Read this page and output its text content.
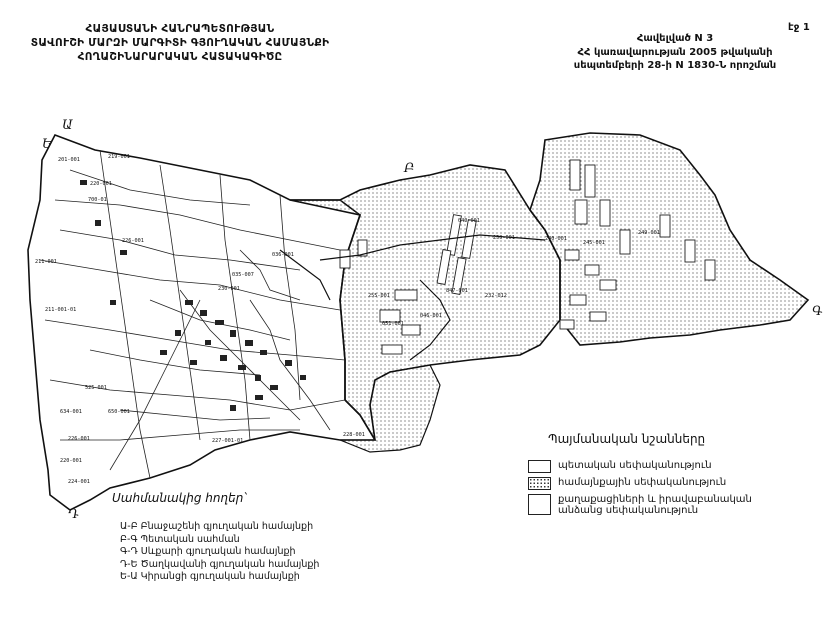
ՀԱՅԱՍՏԱՆԻ ՀԱՆՐԱՊԵՏՈՒԹՅԱՆ
ՏԱՎՈՒՇԻ ՄԱՐԶԻ ՄԱՐԳԻՏԻ ԳՅՈՒՂԱԿԱՆ ՀԱՄԱՅՆՔԻ
ՀՈՂԱՇԻՆԱՐԱՐԱԿԱՆ ՀԱՏԱԿԱԳԻԾԸ
էջ 1
Հավելված N 3
ՀՀ կառավարության 2005 թվականի
սեպտեմբերի 28-ի N 1830-Ն որոշման
201-001	219-001
220-001
700-01
211-001
226-001
211-001-01
230-001
240-001
245-001
249-001
250-001
255-001	232-012
040-001
847-001
035-007
650-001
525-001
634-001
226-001
220-001
224-001
227-001-01
228-001
036-001
051-001
046-001
Ա
Ե
Բ
Գ
Դ
Պայմանական նշանները
պետական սեփականություն
համայնքային սեփականություն
քաղաքացիների և իրավաբանական անձանց սեփականություն
Սահմանակից հողեր՝
Ա-Բ Բնաջաշենի գյուղական համայնքի
Բ-Գ Պետական սահման
Գ-Դ Սևքարի գյուղական համայնքի
Դ-Ե Ծաղկավանի գյուղական համայնքի
Ե-Ա Կիրանցի գյուղական համայնքի
